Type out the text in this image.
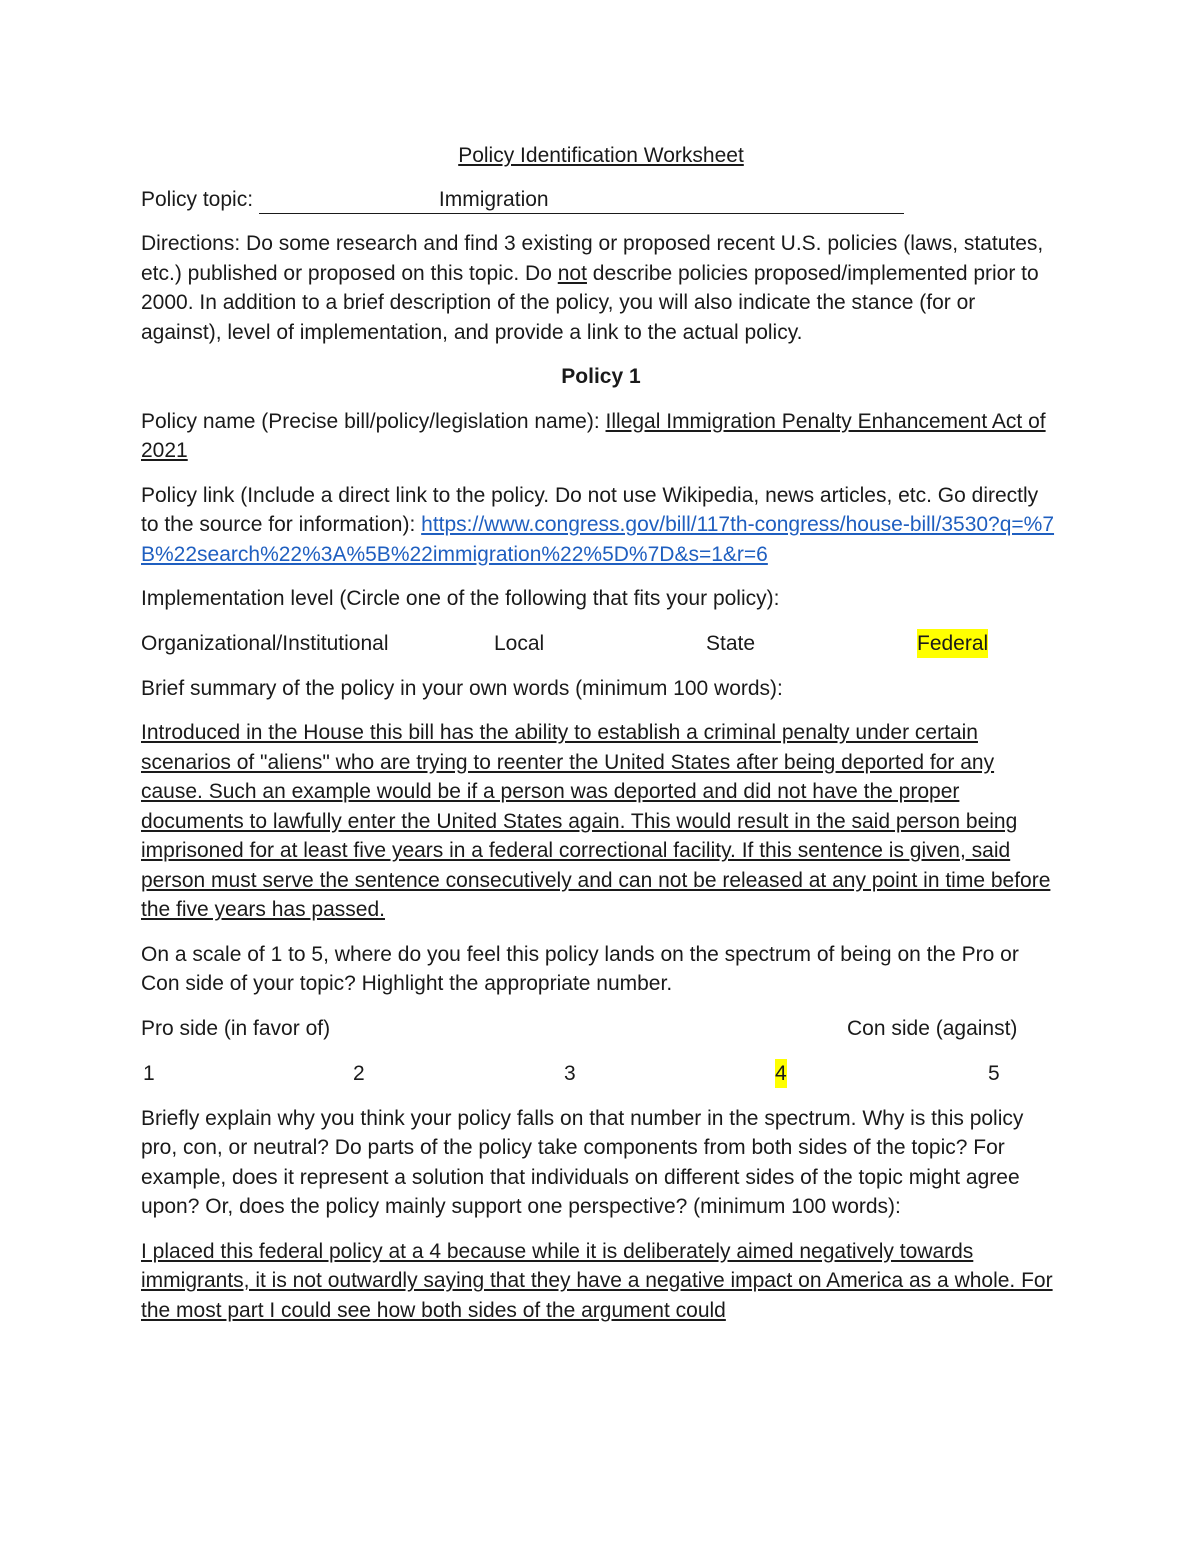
Policy Identification Worksheet
Policy topic:	Immigration
Directions: Do some research and find 3 existing or proposed recent U.S. policies (laws, statutes, etc.) published or proposed on this topic. Do not describe policies proposed/implemented prior to 2000. In addition to a brief description of the policy, you will also indicate the stance (for or against), level of implementation, and provide a link to the actual policy.
Policy 1
Policy name (Precise bill/policy/legislation name): Illegal Immigration Penalty Enhancement Act of 2021
Policy link (Include a direct link to the policy. Do not use Wikipedia, news articles, etc. Go directly to the source for information): https://www.congress.gov/bill/117th-congress/house-bill/3530?q=%7B%22search%22%3A%5B%22immigration%22%5D%7D&s=1&r=6
Implementation level (Circle one of the following that fits your policy):
Organizational/Institutional	Local	State	Federal
Brief summary of the policy in your own words (minimum 100 words):
Introduced in the House this bill has the ability to establish a criminal penalty under certain scenarios of "aliens" who are trying to reenter the United States after being deported for any cause. Such an example would be if a person was deported and did not have the proper documents to lawfully enter the United States again. This would result in the said person being imprisoned for at least five years in a federal correctional facility. If this sentence is given, said person must serve the sentence consecutively and can not be released at any point in time before the five years has passed.
On a scale of 1 to 5, where do you feel this policy lands on the spectrum of being on the Pro or Con side of your topic? Highlight the appropriate number.
Pro side (in favor of)	Con side (against)
1	2	3	4	5
Briefly explain why you think your policy falls on that number in the spectrum. Why is this policy pro, con, or neutral? Do parts of the policy take components from both sides of the topic? For example, does it represent a solution that individuals on different sides of the topic might agree upon? Or, does the policy mainly support one perspective? (minimum 100 words):
I placed this federal policy at a 4 because while it is deliberately aimed negatively towards immigrants, it is not outwardly saying that they have a negative impact on America as a whole. For the most part I could see how both sides of the argument could
